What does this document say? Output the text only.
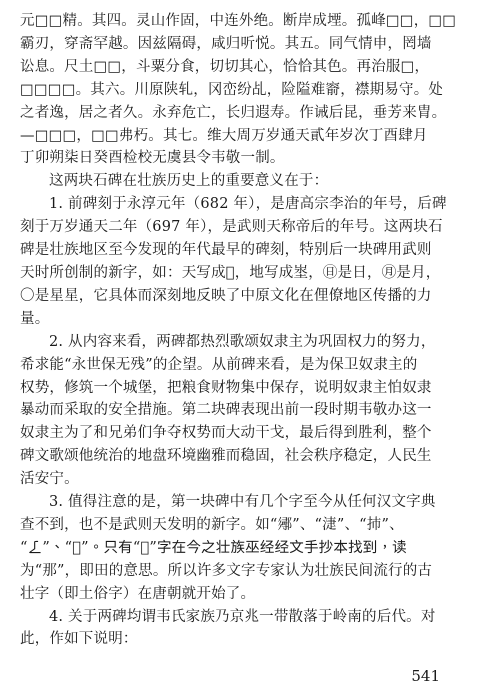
元□□精。其四。灵山作固，中连外绝。断岸成堙。孤峰□□，□□
霸刃，穿斋罕越。因兹隔碍，咸归听悦。其五。同气情申，罔墙
讼息。尺土□□，斗粟分食，切切其心，恰恰其色。再治服□，
□□□□。其六。川原陕轧，冈峦纷乩，险隘难窬，襟期易守。处
之者逸，居之者久。永弃危亡，长归遐寿。作诫后昆，垂芳来胄。
—□□□，□□弗朽。其七。维大周万岁通天貳年岁次丁酉肆月
丁卯朔柒日癸酉检校无虞县令韦敬一制。
这两块石碑在壮族历史上的重要意义在于：
1. 前碑刻于永淳元年（682 年），是唐高宗李治的年号，后碑
刻于万岁通天二年（697 年），是武则天称帝后的年号。这两块石
碑是壮族地区至今发现的年代最早的碑刻，特别后一块碑用武则
天时所创制的新字，如：天写成𠀑，地写成埊，㊐是日，㊊是月，
〇是星星，它具体而深刻地反映了中原文化在俚僚地区传播的力
量。
2. 从内容来看，两碑都热烈歌颂奴隶主为巩固权力的努力，
希求能“永世保无残”的企望。从前碑来看，是为保卫奴隶主的
权势，修筑一个城堡，把粮食财物集中保存，说明奴隶主怕奴隶
暴动而采取的安全措施。第二块碑表现出前一段时期韦敬办这一
奴隶主为了和兄弟们争夺权势而大动干戈，最后得到胜利，整个
碑文歌颂他统治的地盘环境幽雅而稳固，社会秩序稳定，人民生
活安宁。
3. 值得注意的是，第一块碑中有几个字至今从任何汉文字典
查不到，也不是武则天发明的新字。如“𨟌”、“𣶏”、“㧊”、
“𠄏”、“𦬩”。只有“𦬩”字在今之壮族巫经经文手抄本找到，读
为“那”，即田的意思。所以许多文字专家认为壮族民间流行的古
壮字（即土俗字）在唐朝就开始了。
4. 关于两碑均谓韦氏家族乃京兆一带散落于岭南的后代。对
此，作如下说明：
541
